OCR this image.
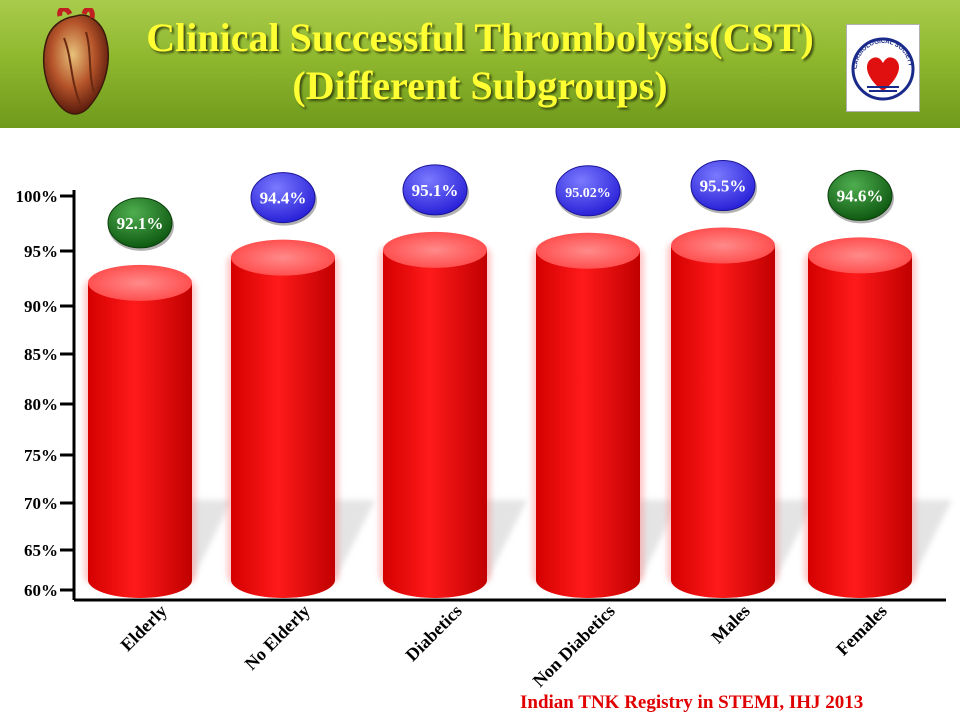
Clinical Successful Thrombolysis(CST)
(Different Subgroups)	CARDIOLOGICAL SOCIETY
60%
65%
70%
75%
80%
85%
90%
95%
100%
92.1%
94.4%	95.1%	95.02%	95.5%
94.6%
Elderly	No Elderly	Diabetics	Non Diabetics	Males	Females
Indian TNK Registry in STEMI, IHJ 2013
